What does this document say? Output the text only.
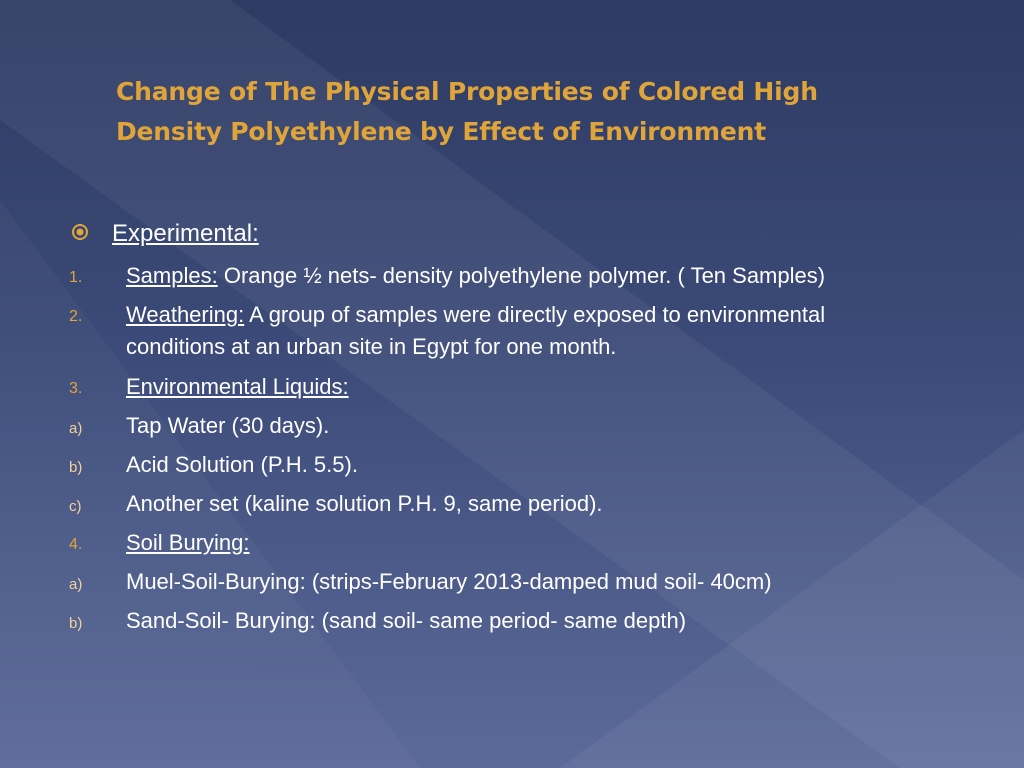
Change of The Physical Properties of Colored High
Density Polyethylene by Effect of Environment
Experimental:
1. Samples: Orange ½ nets- density polyethylene polymer. ( Ten Samples)
2. Weathering: A group of samples were directly exposed to environmental
conditions at an urban site in Egypt for one month.
3. Environmental Liquids:
a) Tap Water (30 days).
b) Acid Solution (P.H. 5.5).
c) Another set (kaline solution P.H. 9, same period).
4. Soil Burying:
a) Muel-Soil-Burying: (strips-February 2013-damped mud soil- 40cm)
b) Sand-Soil- Burying: (sand soil- same period- same depth)
